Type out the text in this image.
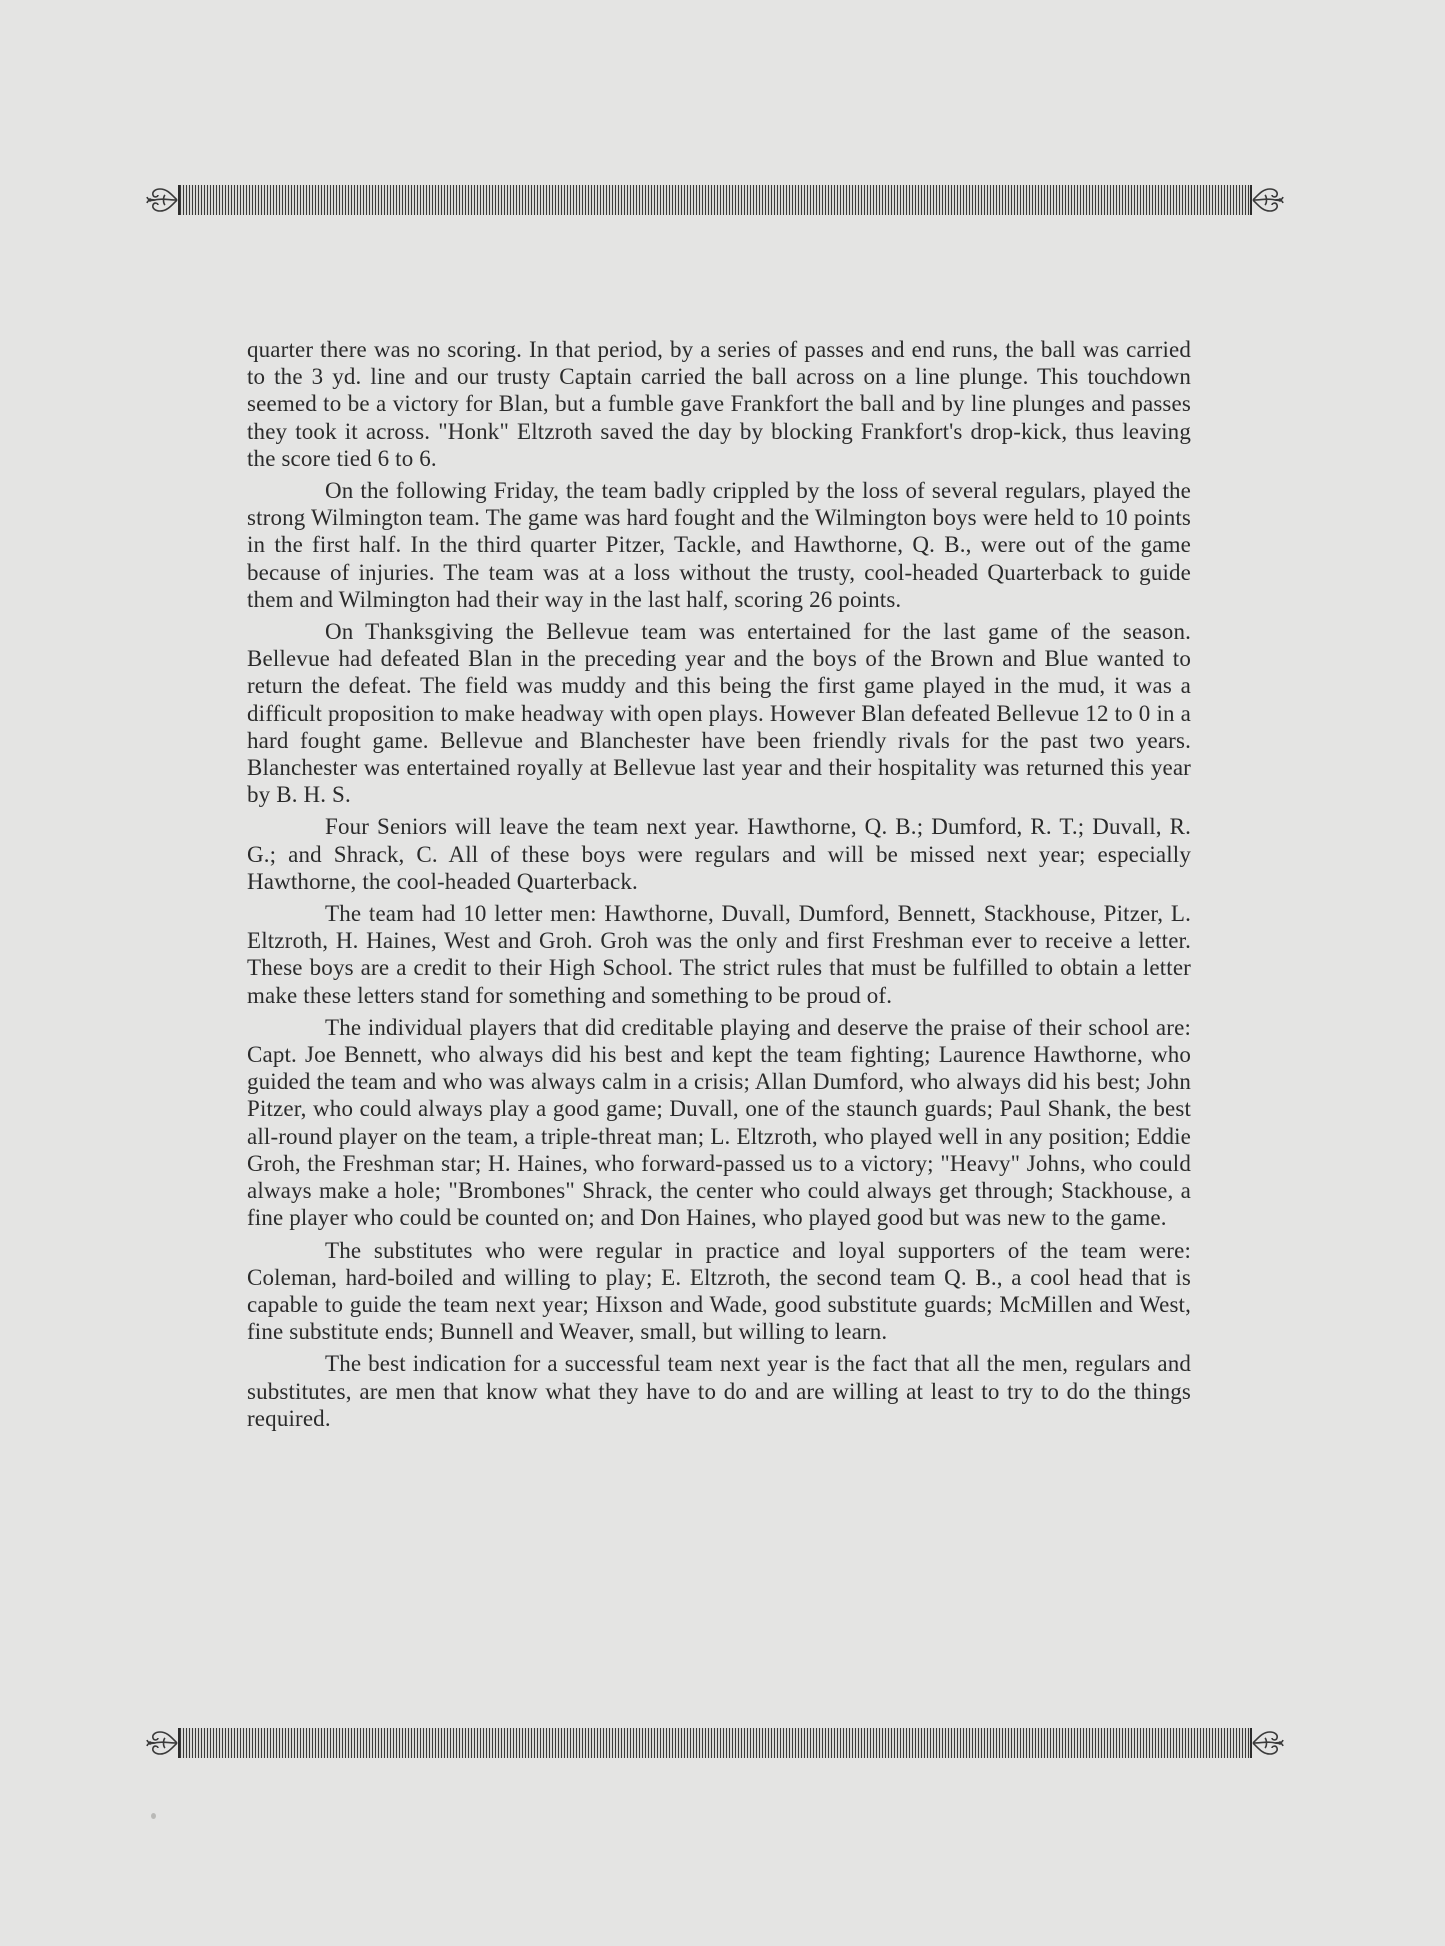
quarter there was no scoring. In that period, by a series of passes and end runs, the ball was carried to the 3 yd. line and our trusty Captain carried the ball across on a line plunge. This touchdown seemed to be a victory for Blan, but a fumble gave Frankfort the ball and by line plunges and passes they took it across. "Honk" Eltzroth saved the day by blocking Frankfort's drop-kick, thus leaving the score tied 6 to 6.

On the following Friday, the team badly crippled by the loss of several regulars, played the strong Wilmington team. The game was hard fought and the Wilmington boys were held to 10 points in the first half. In the third quarter Pitzer, Tackle, and Hawthorne, Q. B., were out of the game because of injuries. The team was at a loss without the trusty, cool-headed Quarterback to guide them and Wilmington had their way in the last half, scoring 26 points.

On Thanksgiving the Bellevue team was entertained for the last game of the season. Bellevue had defeated Blan in the preceding year and the boys of the Brown and Blue wanted to return the defeat. The field was muddy and this being the first game played in the mud, it was a difficult proposition to make headway with open plays. However Blan defeated Bellevue 12 to 0 in a hard fought game. Bellevue and Blanchester have been friendly rivals for the past two years. Blanchester was entertained royally at Bellevue last year and their hospitality was returned this year by B. H. S.

Four Seniors will leave the team next year. Hawthorne, Q. B.; Dumford, R. T.; Duvall, R. G.; and Shrack, C. All of these boys were regulars and will be missed next year; especially Hawthorne, the cool-headed Quarterback.

The team had 10 letter men: Hawthorne, Duvall, Dumford, Bennett, Stackhouse, Pitzer, L. Eltzroth, H. Haines, West and Groh. Groh was the only and first Freshman ever to receive a letter. These boys are a credit to their High School. The strict rules that must be fulfilled to obtain a letter make these letters stand for something and something to be proud of.

The individual players that did creditable playing and deserve the praise of their school are: Capt. Joe Bennett, who always did his best and kept the team fighting; Laurence Hawthorne, who guided the team and who was always calm in a crisis; Allan Dumford, who always did his best; John Pitzer, who could always play a good game; Duvall, one of the staunch guards; Paul Shank, the best all-round player on the team, a triple-threat man; L. Eltzroth, who played well in any position; Eddie Groh, the Freshman star; H. Haines, who forward-passed us to a victory; "Heavy" Johns, who could always make a hole; "Brombones" Shrack, the center who could always get through; Stackhouse, a fine player who could be counted on; and Don Haines, who played good but was new to the game.

The substitutes who were regular in practice and loyal supporters of the team were: Coleman, hard-boiled and willing to play; E. Eltzroth, the second team Q. B., a cool head that is capable to guide the team next year; Hixson and Wade, good substitute guards; McMillen and West, fine substitute ends; Bunnell and Weaver, small, but willing to learn.

The best indication for a successful team next year is the fact that all the men, regulars and substitutes, are men that know what they have to do and are willing at least to try to do the things required.
